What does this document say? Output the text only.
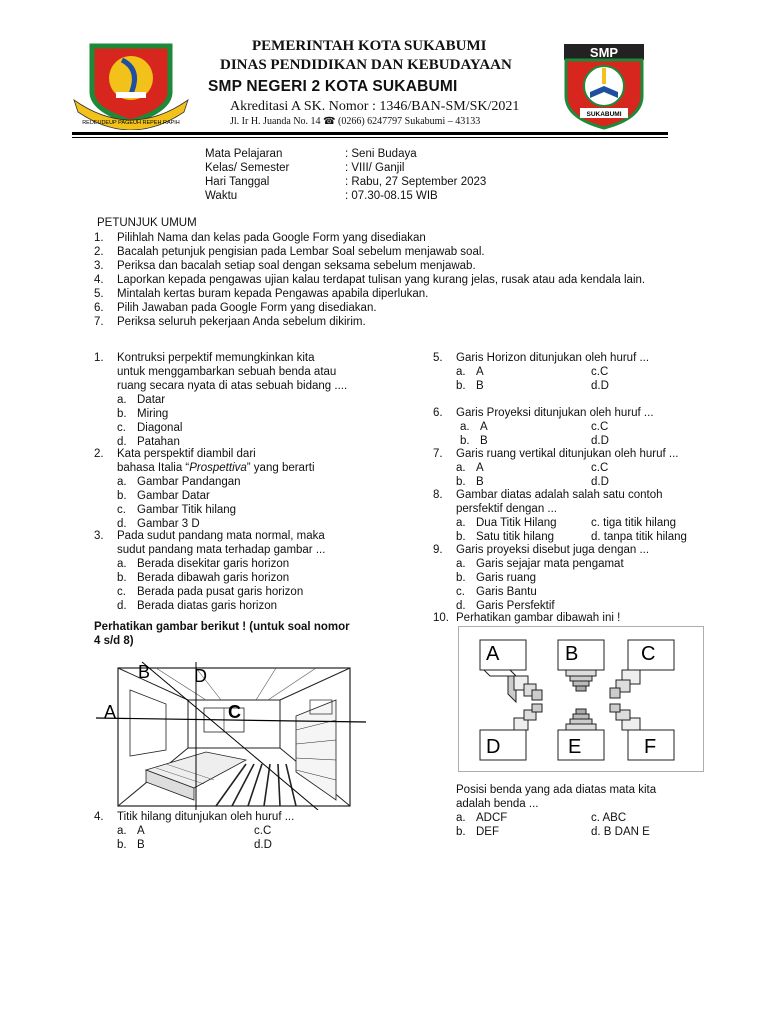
REDEUDEUP PAGEUH REPEH RAPIH
PEMERINTAH KOTA SUKABUMI
DINAS PENDIDIKAN DAN KEBUDAYAAN
SMP NEGERI 2 KOTA SUKABUMI
Akreditasi A SK. Nomor : 1346/BAN-SM/SK/2021
Jl. Ir H. Juanda No. 14 ☎ (0266) 6247797 Sukabumi – 43133
SMP
SUKABUMI
Mata Pelajaran	: Seni Budaya
Kelas/ Semester	: VIII/ Ganjil
Hari Tanggal	: Rabu, 27 September 2023
Waktu	: 07.30-08.15 WIB
PETUNJUK UMUM
1. Pilihlah Nama dan kelas pada Google Form yang disediakan
2. Bacalah petunjuk pengisian pada Lembar Soal sebelum menjawab soal.
3. Periksa dan bacalah setiap soal dengan seksama sebelum menjawab.
4. Laporkan kepada pengawas ujian kalau terdapat tulisan yang kurang jelas, rusak atau ada kendala lain.
5. Mintalah kertas buram kepada Pengawas apabila diperlukan.
6. Pilih Jawaban pada Google Form yang disediakan.
7. Periksa seluruh pekerjaan Anda sebelum dikirim.
1. Kontruksi perpektif memungkinkan kita
untuk menggambarkan sebuah benda atau
ruang secara nyata di atas sebuah bidang ....
a. Datar
b. Miring
c. Diagonal
d. Patahan
2. Kata perspektif diambil dari
bahasa Italia “Prospettiva” yang berarti
a. Gambar Pandangan
b. Gambar Datar
c. Gambar Titik hilang
d. Gambar 3 D
3. Pada sudut pandang mata normal, maka
sudut pandang mata terhadap gambar ...
a. Berada disekitar garis horizon
b. Berada dibawah garis horizon
c. Berada pada pusat garis horizon
d. Berada diatas garis horizon
Perhatikan gambar berikut ! (untuk soal nomor
4 s/d 8)
A
B
C
D
4. Titik hilang ditunjukan oleh huruf ...
a. A	c.C
b. B	d.D
5. Garis Horizon ditunjukan oleh huruf ...
a. A	c.C
b. B	d.D
6. Garis Proyeksi ditunjukan oleh huruf ...
a. A	c.C
b. B	d.D
7. Garis ruang vertikal ditunjukan oleh huruf ...
a. A	c.C
b. B	d.D
8. Gambar diatas adalah salah satu contoh
persfektif dengan ...
a. Dua Titik Hilang	c. tiga titik hilang
b. Satu titik hilang	d. tanpa titik hilang
9. Garis proyeksi disebut juga dengan ...
a. Garis sejajar mata pengamat
b. Garis ruang
c. Garis Bantu
d. Garis Persfektif
10. Perhatikan gambar dibawah ini !
A	B	C
D	E	F
Posisi benda yang ada diatas mata kita
adalah benda ...
a. ADCF	c. ABC
b. DEF	d. B DAN E
